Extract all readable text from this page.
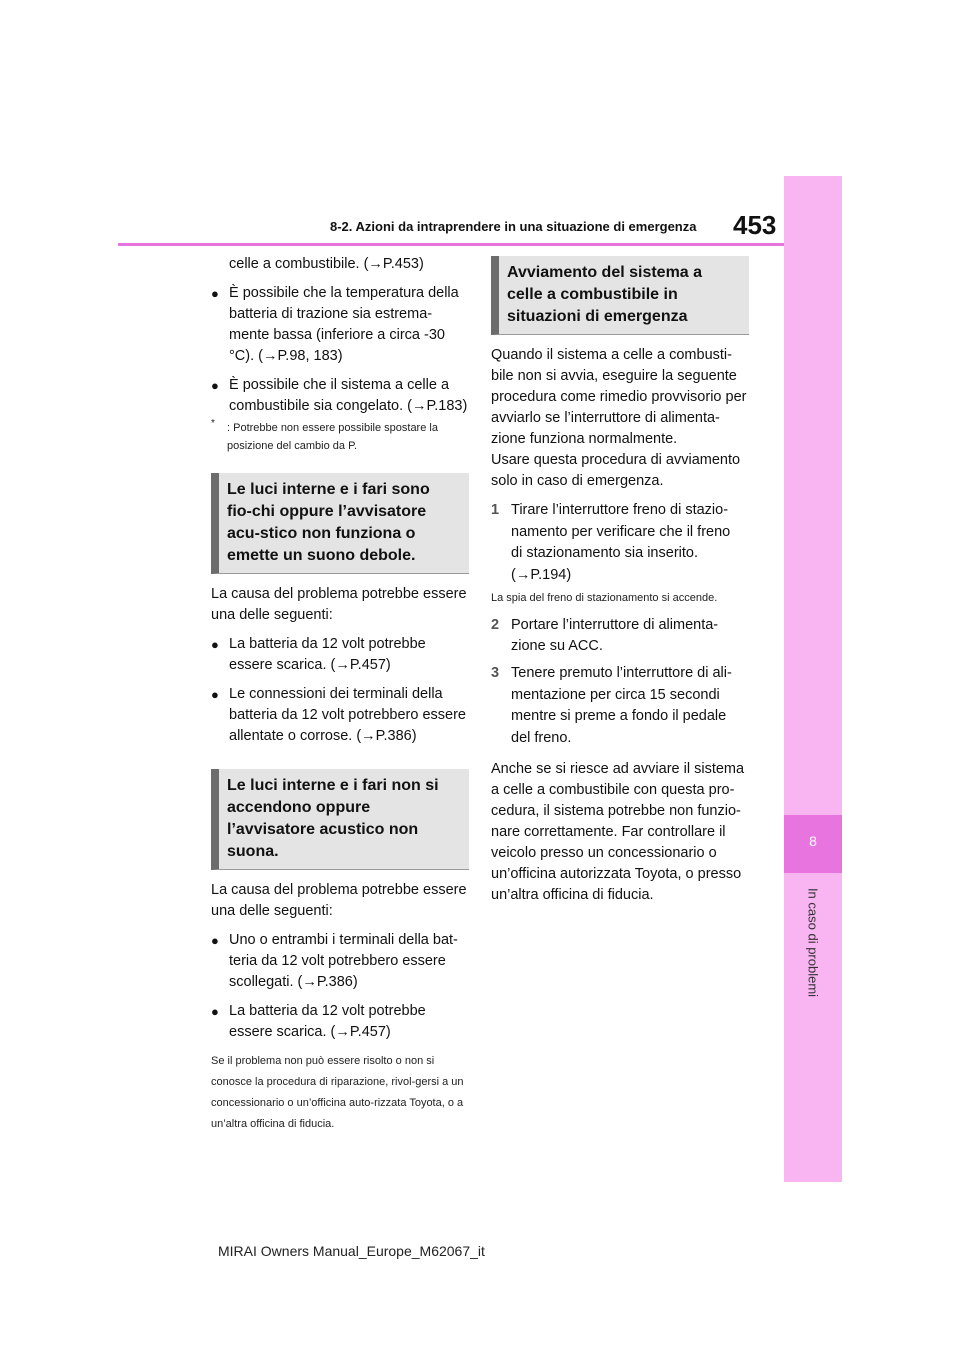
8
In caso di problemi
8-2. Azioni da intraprendere in una situazione di emergenza 453

celle a combustibile. (→P.453)

● È possibile che la temperatura della batteria di trazione sia estrema-mente bassa (inferiore a circa -30 °C). (→P.98, 183)

● È possibile che il sistema a celle a combustibile sia congelato. (→P.183)

* : Potrebbe non essere possibile spostare la posizione del cambio da P.

Le luci interne e i fari sono fio-chi oppure l’avvisatore acu-stico non funziona o emette un suono debole.

La causa del problema potrebbe essere una delle seguenti:

● La batteria da 12 volt potrebbe essere scarica. (→P.457)

● Le connessioni dei terminali della batteria da 12 volt potrebbero essere allentate o corrose. (→P.386)

Le luci interne e i fari non si accendono oppure l’avvisatore acustico non suona.

La causa del problema potrebbe essere una delle seguenti:

● Uno o entrambi i terminali della bat-teria da 12 volt potrebbero essere scollegati. (→P.386)

● La batteria da 12 volt potrebbe essere scarica. (→P.457)

Se il problema non può essere risolto o non si conosce la procedura di riparazione, rivol-gersi a un concessionario o un’officina auto-rizzata Toyota, o a un’altra officina di fiducia.

Avviamento del sistema a celle a combustibile in situazioni di emergenza

Quando il sistema a celle a combusti-bile non si avvia, eseguire la seguente procedura come rimedio provvisorio per avviarlo se l’interruttore di alimenta-zione funziona normalmente.

Usare questa procedura di avviamento solo in caso di emergenza.

1 Tirare l’interruttore freno di stazio-
namento per verificare che il freno
di stazionamento sia inserito.
(→P.194)

La spia del freno di stazionamento si accende.

2 Portare l’interruttore di alimenta-
zione su ACC.
3 Tenere premuto l’interruttore di ali-
mentazione per circa 15 secondi
mentre si preme a fondo il pedale
del freno.

Anche se si riesce ad avviare il sistema a celle a combustibile con questa pro-cedura, il sistema potrebbe non funzio-nare correttamente. Far controllare il veicolo presso un concessionario o un’officina autorizzata Toyota, o presso un’altra officina di fiducia.

MIRAI Owners Manual_Europe_M62067_it
